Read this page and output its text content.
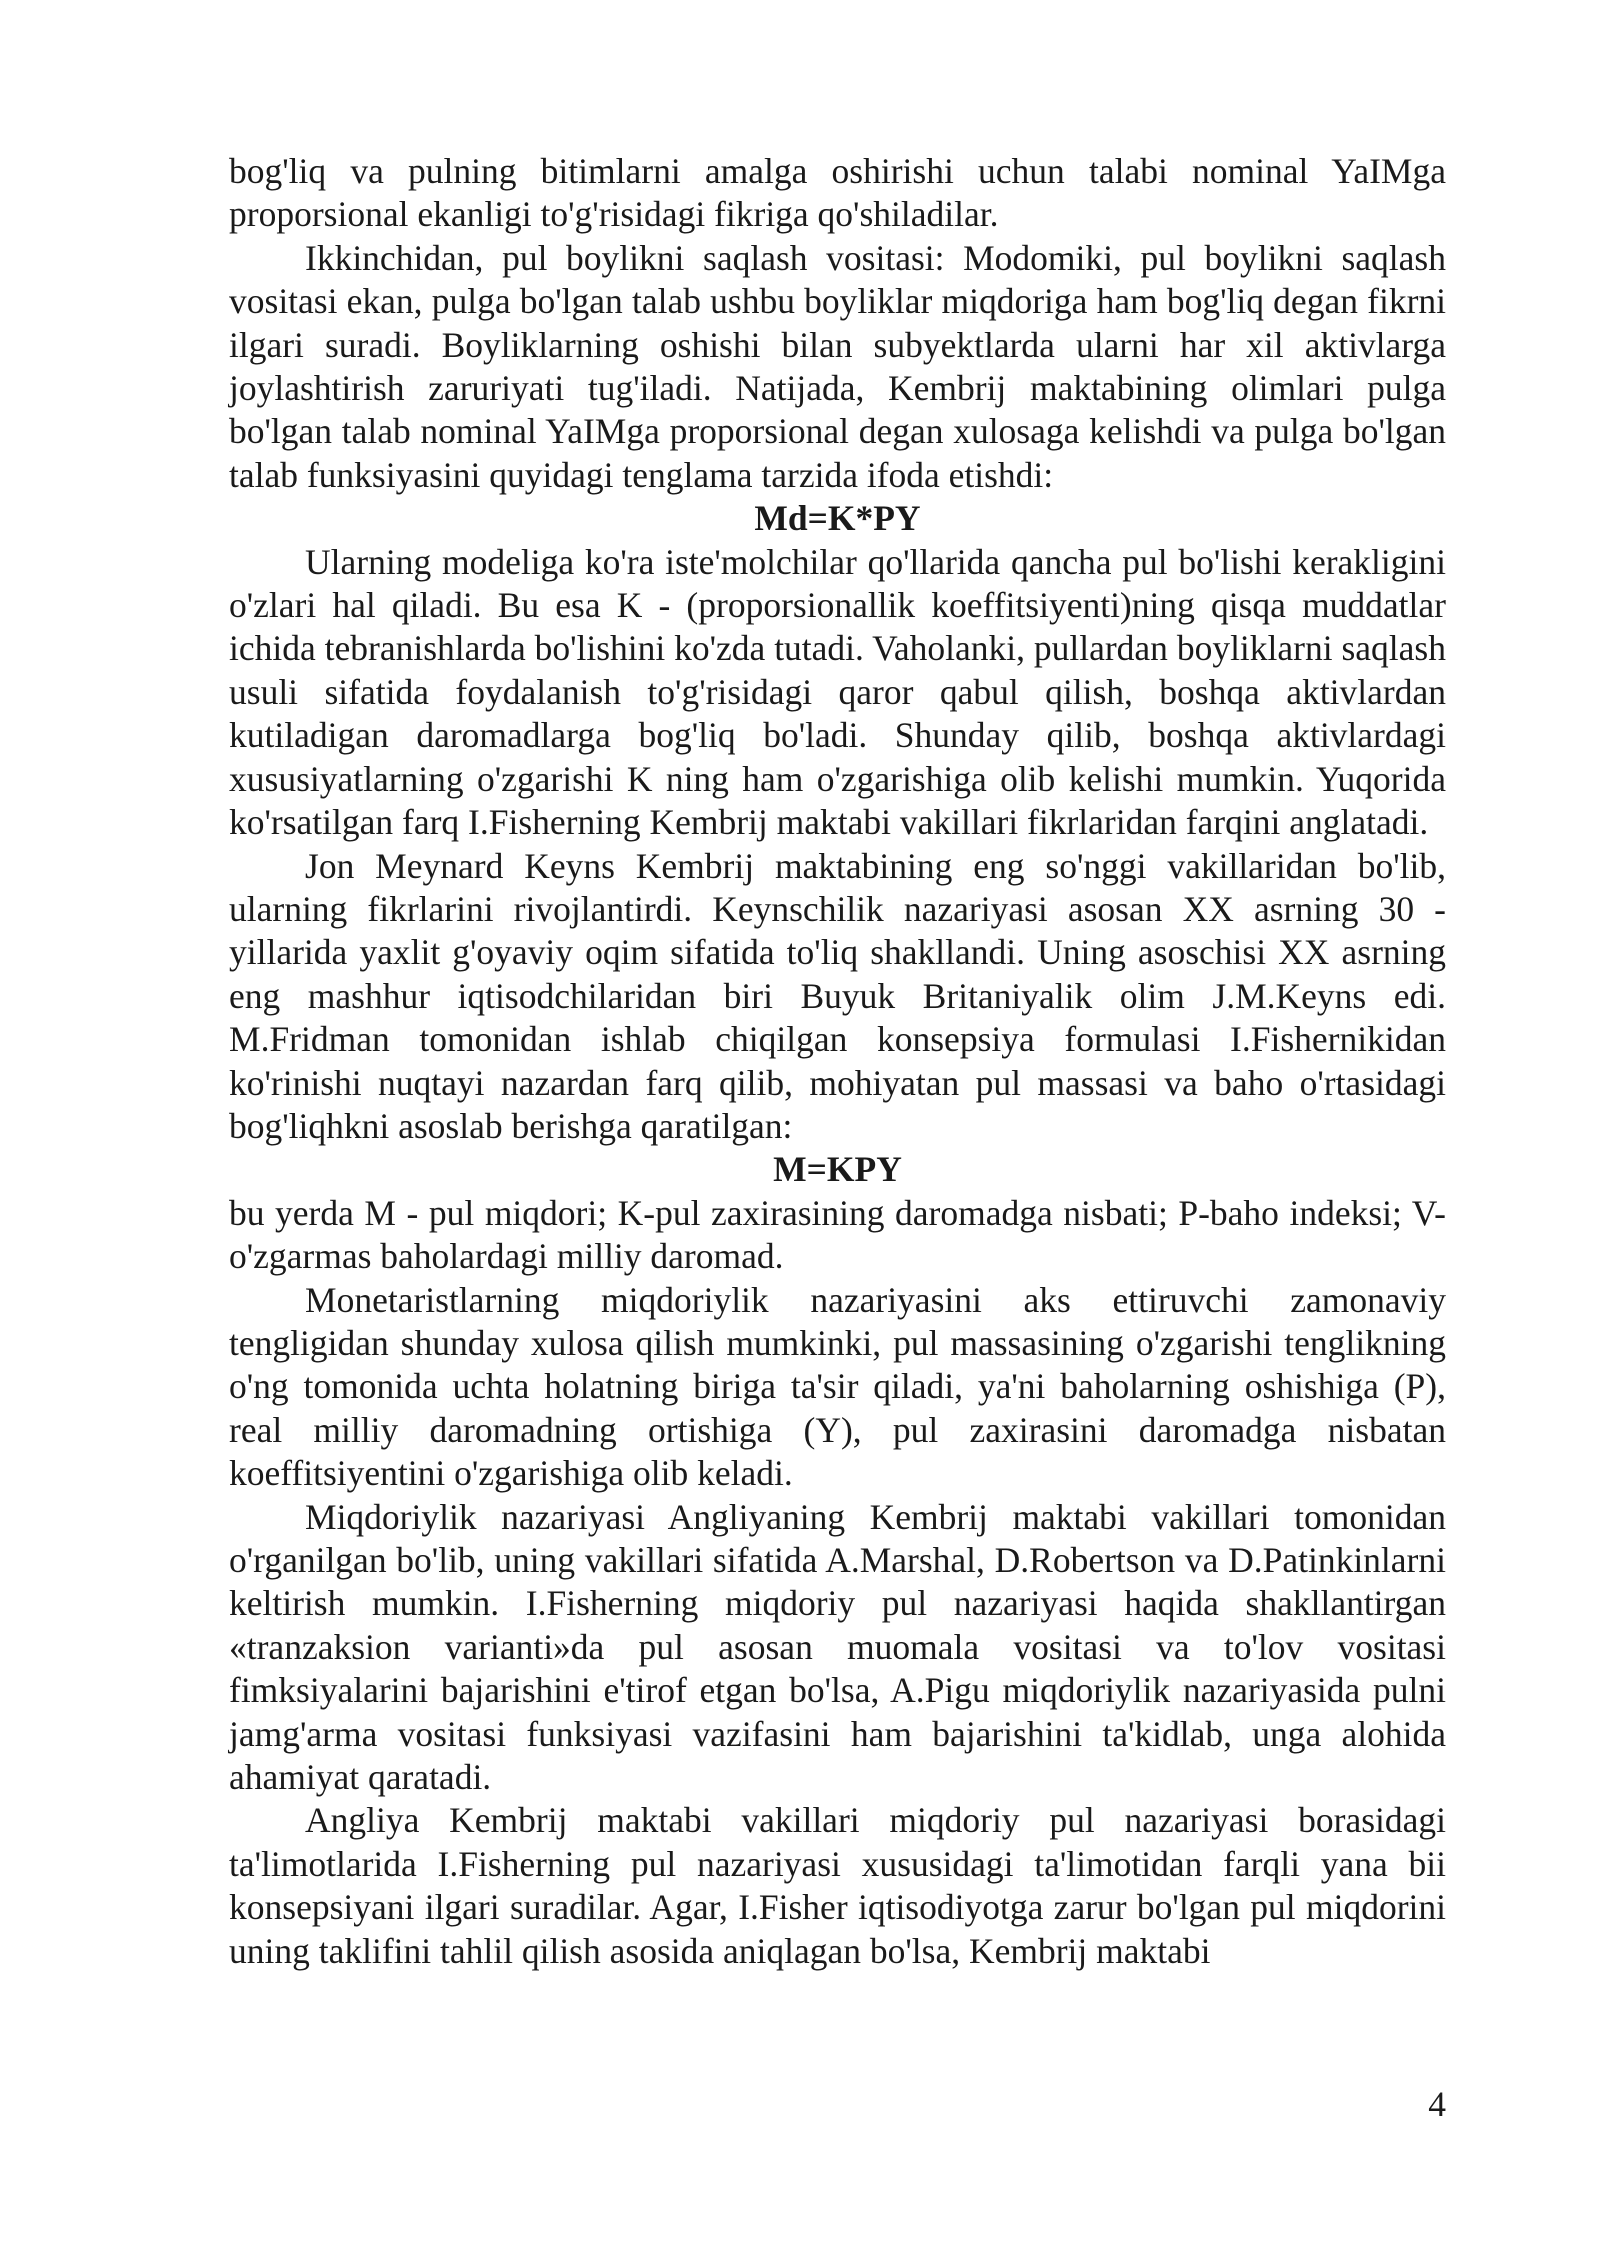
bog'liq va pulning bitimlarni amalga oshirishi uchun talabi nominal YaIMga proporsional ekanligi to'g'risidagi fikriga qo'shiladilar.

Ikkinchidan, pul boylikni saqlash vositasi: Modomiki, pul boylikni saqlash vositasi ekan, pulga bo'lgan talab ushbu boyliklar miqdoriga ham bog'liq degan fikrni ilgari suradi. Boyliklarning oshishi bilan subyektlarda ularni har xil aktivlarga joylashtirish zaruriyati tug'iladi. Natijada, Kembrij maktabining olimlari pulga bo'lgan talab nominal YaIMga proporsional degan xulosaga kelishdi va pulga bo'lgan talab funksiyasini quyidagi tenglama tarzida ifoda etishdi:

Md=K*PY

Ularning modeliga ko'ra iste'molchilar qo'llarida qancha pul bo'lishi kerakligini o'zlari hal qiladi. Bu esa K - (proporsionallik koeffitsiyenti)ning qisqa muddatlar ichida tebranishlarda bo'lishini ko'zda tutadi. Vaholanki, pullardan boyliklarni saqlash usuli sifatida foydalanish to'g'risidagi qaror qabul qilish, boshqa aktivlardan kutiladigan daromadlarga bog'liq bo'ladi. Shunday qilib, boshqa aktivlardagi xususiyatlarning o'zgarishi K ning ham o'zgarishiga olib kelishi mumkin. Yuqorida ko'rsatilgan farq I.Fisherning Kembrij maktabi vakillari fikrlaridan farqini anglatadi.

Jon Meynard Keyns Kembrij maktabining eng so'nggi vakillaridan bo'lib, ularning fikrlarini rivojlantirdi. Keynschilik nazariyasi asosan XX asrning 30 - yillarida yaxlit g'oyaviy oqim sifatida to'liq shakllandi. Uning asoschisi XX asrning eng mashhur iqtisodchilaridan biri Buyuk Britaniyalik olim J.M.Keyns edi. M.Fridman tomonidan ishlab chiqilgan konsepsiya formulasi I.Fishernikidan ko'rinishi nuqtayi nazardan farq qilib, mohiyatan pul massasi va baho o'rtasidagi bog'liqhkni asoslab berishga qaratilgan:

M=KPY

bu yerda M - pul miqdori; K-pul zaxirasining daromadga nisbati; P-baho indeksi; V-o'zgarmas baholardagi milliy daromad.

Monetaristlarning miqdoriylik nazariyasini aks ettiruvchi zamonaviy tengligidan shunday xulosa qilish mumkinki, pul massasining o'zgarishi tenglikning o'ng tomonida uchta holatning biriga ta'sir qiladi, ya'ni baholarning oshishiga (P), real milliy daromadning ortishiga (Y), pul zaxirasini daromadga nisbatan koeffitsiyentini o'zgarishiga olib keladi.

Miqdoriylik nazariyasi Angliyaning Kembrij maktabi vakillari tomonidan o'rganilgan bo'lib, uning vakillari sifatida A.Marshal, D.Robertson va D.Patinkinlarni keltirish mumkin. I.Fisherning miqdoriy pul nazariyasi haqida shakllantirgan «tranzaksion varianti»da pul asosan muomala vositasi va to'lov vositasi fimksiyalarini bajarishini e'tirof etgan bo'lsa, A.Pigu miqdoriylik nazariyasida pulni jamg'arma vositasi funksiyasi vazifasini ham bajarishini ta'kidlab, unga alohida ahamiyat qaratadi.

Angliya Kembrij maktabi vakillari miqdoriy pul nazariyasi borasidagi ta'limotlarida I.Fisherning pul nazariyasi xususidagi ta'limotidan farqli yana bii konsepsiyani ilgari suradilar. Agar, I.Fisher iqtisodiyotga zarur bo'lgan pul miqdorini uning taklifini tahlil qilish asosida aniqlagan bo'lsa, Kembrij maktabi

4
